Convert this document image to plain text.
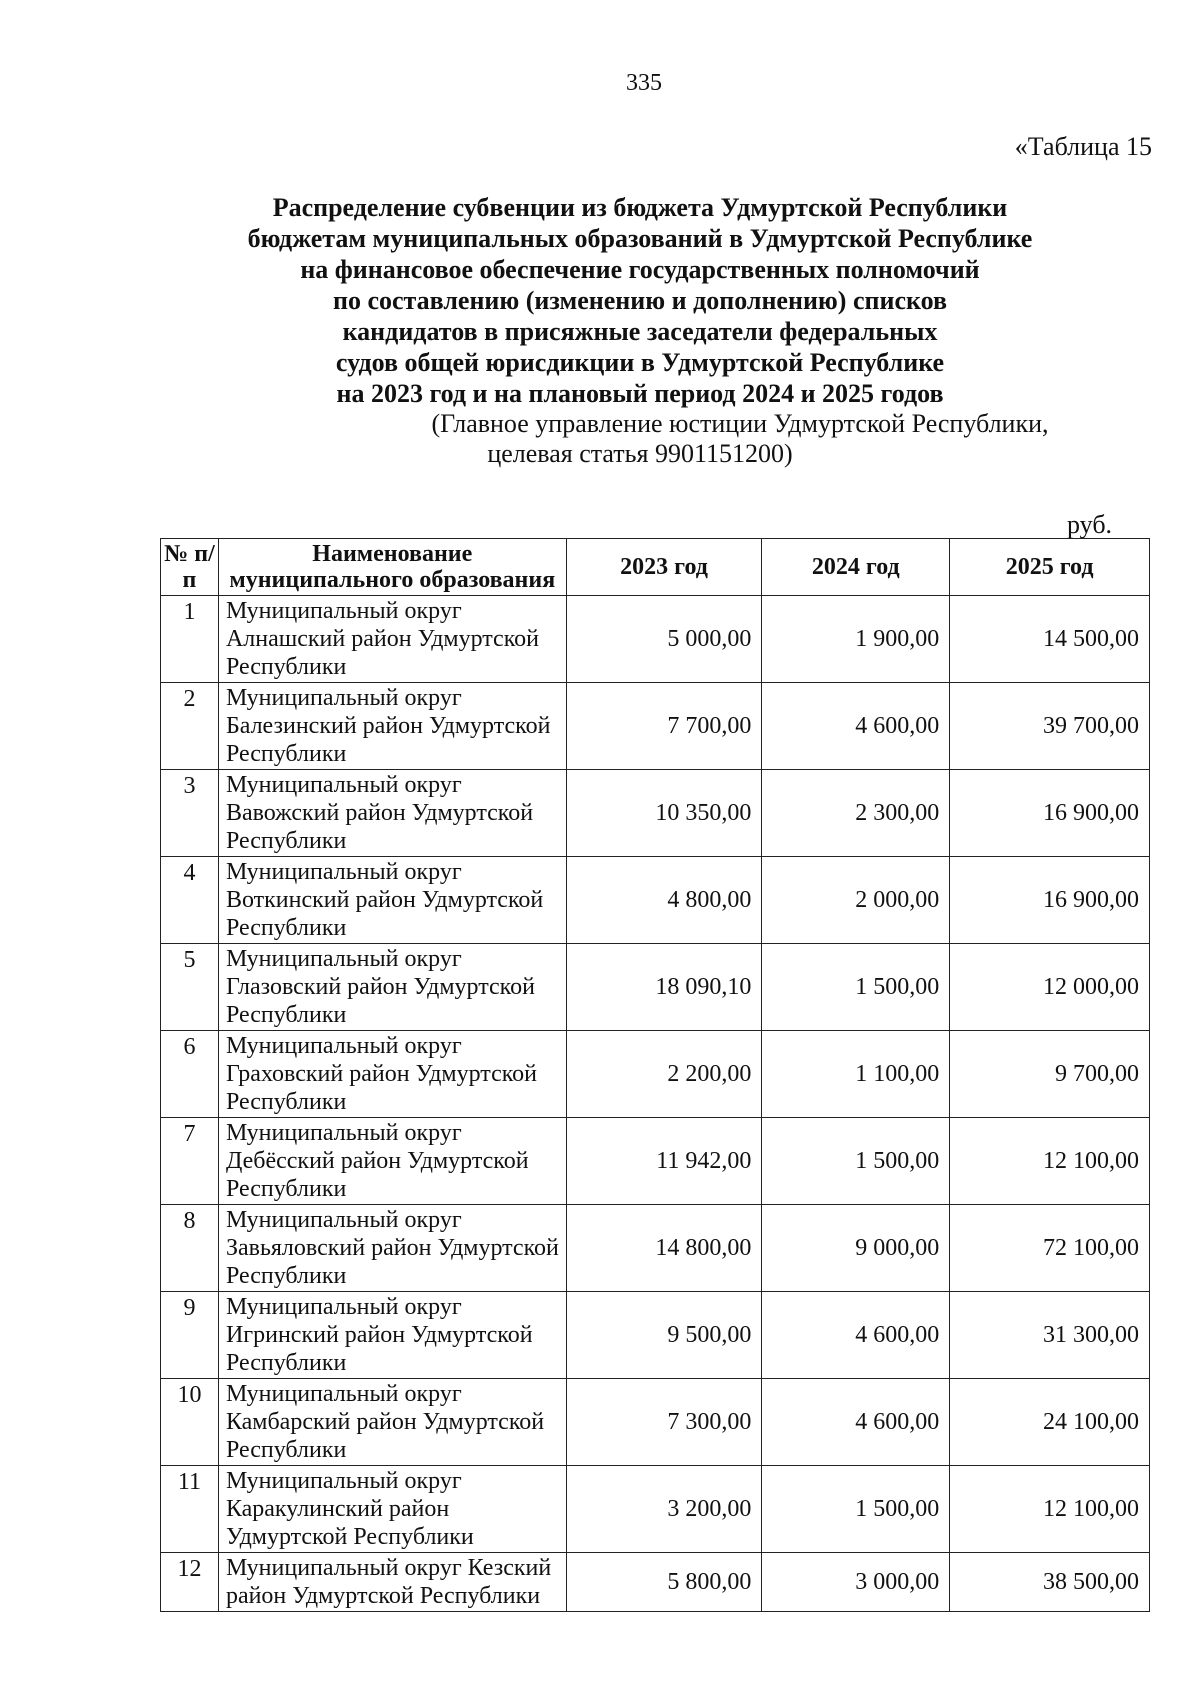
335
«Таблица 15
Распределение субвенции из бюджета Удмуртской Республики
бюджетам муниципальных образований в Удмуртской Республике
на финансовое обеспечение государственных полномочий
по составлению (изменению и дополнению) списков
кандидатов в присяжные заседатели федеральных
судов общей юрисдикции в Удмуртской Республике
на 2023 год и на плановый период 2024 и 2025 годов
(Главное управление юстиции Удмуртской Республики,
целевая статья 9901151200)
руб.
№ п/п	Наименование муниципального образования	2023 год	2024 год	2025 год
1	Муниципальный округ Алнашский район Удмуртской Республики	5 000,00	1 900,00	14 500,00
2	Муниципальный округ Балезинский район Удмуртской Республики	7 700,00	4 600,00	39 700,00
3	Муниципальный округ Вавожский район Удмуртской Республики	10 350,00	2 300,00	16 900,00
4	Муниципальный округ Воткинский район Удмуртской Республики	4 800,00	2 000,00	16 900,00
5	Муниципальный округ Глазовский район Удмуртской Республики	18 090,10	1 500,00	12 000,00
6	Муниципальный округ Граховский район Удмуртской Республики	2 200,00	1 100,00	9 700,00
7	Муниципальный округ Дебёсский район Удмуртской Республики	11 942,00	1 500,00	12 100,00
8	Муниципальный округ Завьяловский район Удмуртской Республики	14 800,00	9 000,00	72 100,00
9	Муниципальный округ Игринский район Удмуртской Республики	9 500,00	4 600,00	31 300,00
10	Муниципальный округ Камбарский район Удмуртской Республики	7 300,00	4 600,00	24 100,00
11	Муниципальный округ Каракулинский район Удмуртской Республики	3 200,00	1 500,00	12 100,00
12	Муниципальный округ Кезский район Удмуртской Республики	5 800,00	3 000,00	38 500,00
